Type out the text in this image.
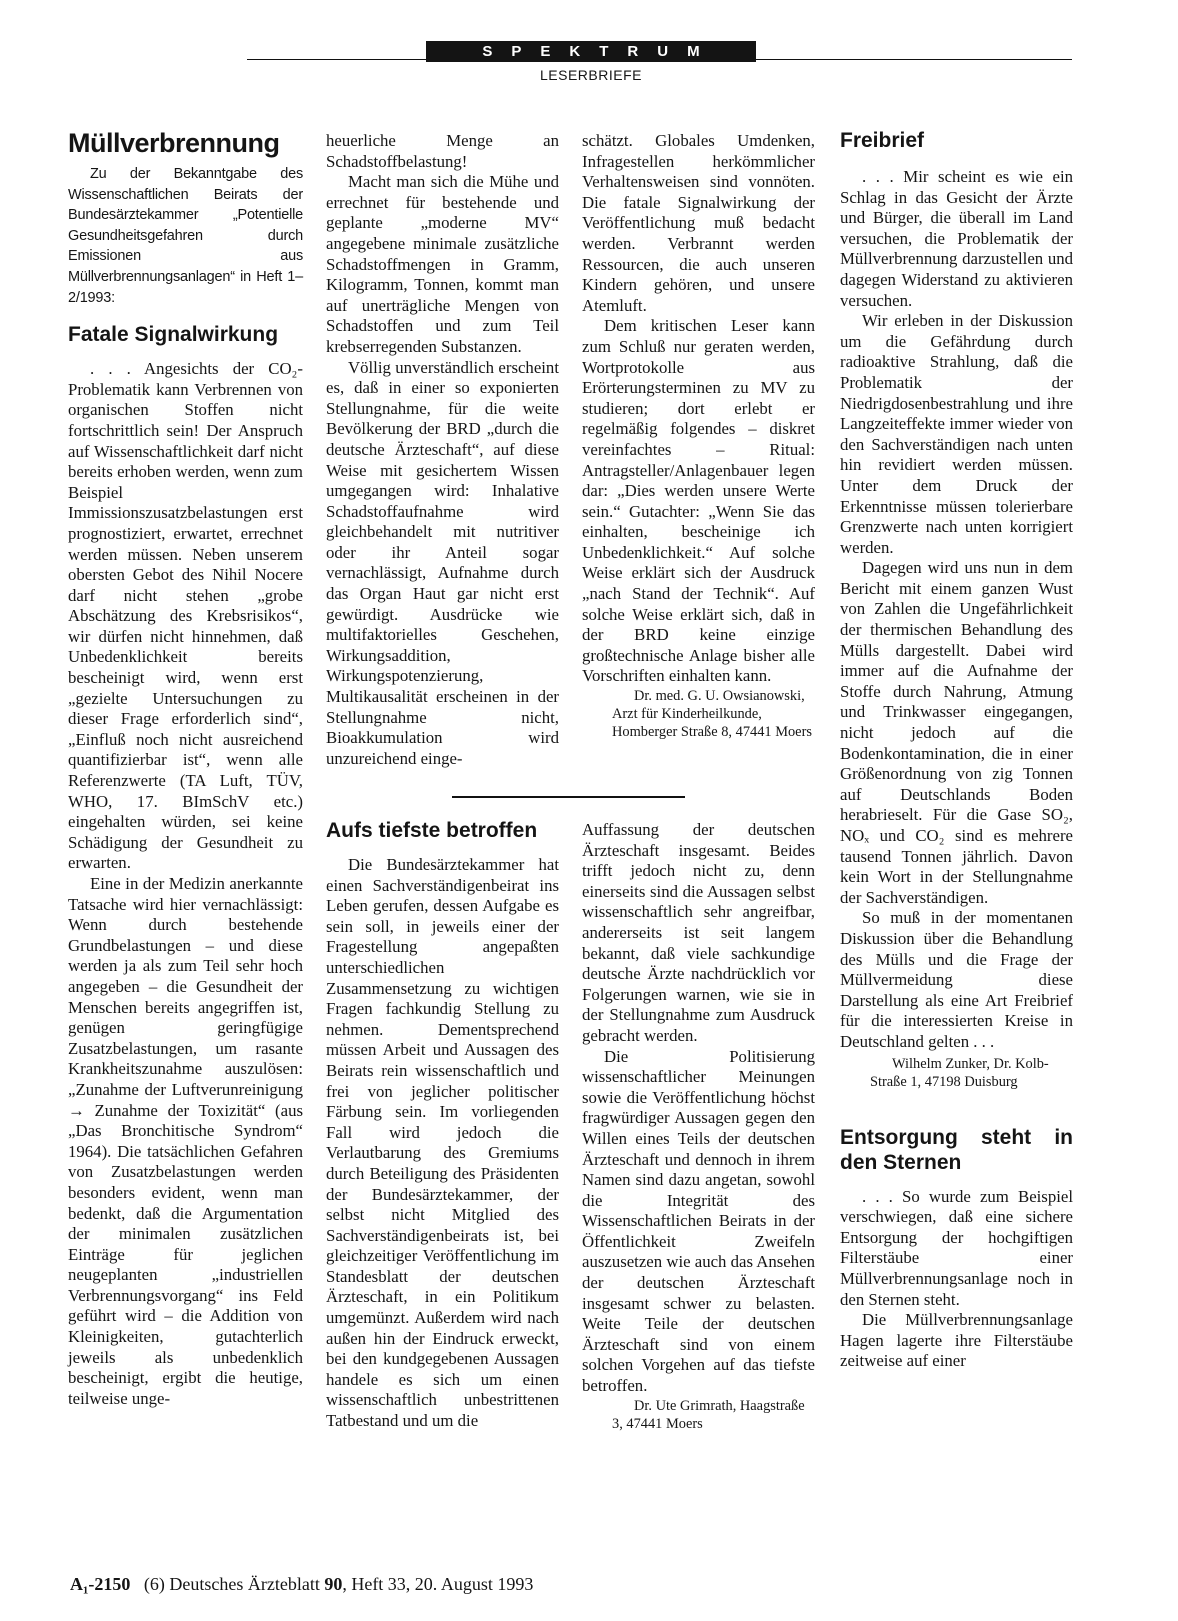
SPEKTRUM
LESERBRIEFE
Müllverbrennung

Zu der Bekanntgabe des Wissenschaftlichen Beirats der Bundesärztekammer „Potentielle Gesundheitsgefahren durch Emissionen aus Müllverbrennungsanlagen“ in Heft 1–2/1993:

Fatale Signalwirkung

. . . Angesichts der CO₂-Problematik kann Verbrennen von organischen Stoffen nicht fortschrittlich sein! Der Anspruch auf Wissenschaftlichkeit darf nicht bereits erhoben werden, wenn zum Beispiel Immissionszusatzbelastungen erst prognostiziert, erwartet, errechnet werden müssen. Neben unserem obersten Gebot des Nihil Nocere darf nicht stehen „grobe Abschätzung des Krebsrisikos“, wir dürfen nicht hinnehmen, daß Unbedenklichkeit bereits bescheinigt wird, wenn erst „gezielte Untersuchungen zu dieser Frage erforderlich sind“, „Einfluß noch nicht ausreichend quantifizierbar ist“, wenn alle Referenzwerte (TA Luft, TÜV, WHO, 17. BImSchV etc.) eingehalten würden, sei keine Schädigung der Gesundheit zu erwarten.

Eine in der Medizin anerkannte Tatsache wird hier vernachlässigt: Wenn durch bestehende Grundbelastungen – und diese werden ja als zum Teil sehr hoch angegeben – die Gesundheit der Menschen bereits angegriffen ist, genügen geringfügige Zusatzbelastungen, um rasante Krankheitszunahme auszulösen: „Zunahme der Luftverunreinigung → Zunahme der Toxizität“ (aus „Das Bronchitische Syndrom“ 1964). Die tatsächlichen Gefahren von Zusatzbelastungen werden besonders evident, wenn man bedenkt, daß die Argumentation der minimalen zusätzlichen Einträge für jeglichen neugeplanten „industriellen Verbrennungsvorgang“ ins Feld geführt wird – die Addition von Kleinigkeiten, gutachterlich jeweils als unbedenklich bescheinigt, ergibt die heutige, teilweise unge-

heuerliche Menge an Schadstoffbelastung!

Macht man sich die Mühe und errechnet für bestehende und geplante „moderne MV“ angegebene minimale zusätzliche Schadstoffmengen in Gramm, Kilogramm, Tonnen, kommt man auf unerträgliche Mengen von Schadstoffen und zum Teil krebserregenden Substanzen.

Völlig unverständlich erscheint es, daß in einer so exponierten Stellungnahme, für die weite Bevölkerung der BRD „durch die deutsche Ärzteschaft“, auf diese Weise mit gesichertem Wissen umgegangen wird: Inhalative Schadstoffaufnahme wird gleichbehandelt mit nutritiver oder ihr Anteil sogar vernachlässigt, Aufnahme durch das Organ Haut gar nicht erst gewürdigt. Ausdrücke wie multifaktorielles Geschehen, Wirkungsaddition, Wirkungspotenzierung, Multikausalität erscheinen in der Stellungnahme nicht, Bioakkumulation wird unzureichend einge-

schätzt. Globales Umdenken, Infragestellen herkömmlicher Verhaltensweisen sind vonnöten. Die fatale Signalwirkung der Veröffentlichung muß bedacht werden. Verbrannt werden Ressourcen, die auch unseren Kindern gehören, und unsere Atemluft.

Dem kritischen Leser kann zum Schluß nur geraten werden, Wortprotokolle aus Erörterungsterminen zu MV zu studieren; dort erlebt er regelmäßig folgendes – diskret vereinfachtes – Ritual: Antragsteller/Anlagenbauer legen dar: „Dies werden unsere Werte sein.“ Gutachter: „Wenn Sie das einhalten, bescheinige ich Unbedenklichkeit.“ Auf solche Weise erklärt sich der Ausdruck „nach Stand der Technik“. Auf solche Weise erklärt sich, daß in der BRD keine einzige großtechnische Anlage bisher alle Vorschriften einhalten kann.

Dr. med. G. U. Owsianowski, Arzt für Kinderheilkunde, Homberger Straße 8, 47441 Moers

Aufs tiefste betroffen

Die Bundesärztekammer hat einen Sachverständigenbeirat ins Leben gerufen, dessen Aufgabe es sein soll, in jeweils einer der Fragestellung angepaßten unterschiedlichen Zusammensetzung zu wichtigen Fragen fachkundig Stellung zu nehmen. Dementsprechend müssen Arbeit und Aussagen des Beirats rein wissenschaftlich und frei von jeglicher politischer Färbung sein. Im vorliegenden Fall wird jedoch die Verlautbarung des Gremiums durch Beteiligung des Präsidenten der Bundesärztekammer, der selbst nicht Mitglied des Sachverständigenbeirats ist, bei gleichzeitiger Veröffentlichung im Standesblatt der deutschen Ärzteschaft, in ein Politikum umgemünzt. Außerdem wird nach außen hin der Eindruck erweckt, bei den kundgegebenen Aussagen handele es sich um einen wissenschaftlich unbestrittenen Tatbestand und um die

Auffassung der deutschen Ärzteschaft insgesamt. Beides trifft jedoch nicht zu, denn einerseits sind die Aussagen selbst wissenschaftlich sehr angreifbar, andererseits ist seit langem bekannt, daß viele sachkundige deutsche Ärzte nachdrücklich vor Folgerungen warnen, wie sie in der Stellungnahme zum Ausdruck gebracht werden.

Die Politisierung wissenschaftlicher Meinungen sowie die Veröffentlichung höchst fragwürdiger Aussagen gegen den Willen eines Teils der deutschen Ärzteschaft und dennoch in ihrem Namen sind dazu angetan, sowohl die Integrität des Wissenschaftlichen Beirats in der Öffentlichkeit Zweifeln auszusetzen wie auch das Ansehen der deutschen Ärzteschaft insgesamt schwer zu belasten. Weite Teile der deutschen Ärzteschaft sind von einem solchen Vorgehen auf das tiefste betroffen.

Dr. Ute Grimrath, Haagstraße 3, 47441 Moers

Freibrief

. . . Mir scheint es wie ein Schlag in das Gesicht der Ärzte und Bürger, die überall im Land versuchen, die Problematik der Müllverbrennung darzustellen und dagegen Widerstand zu aktivieren versuchen.

Wir erleben in der Diskussion um die Gefährdung durch radioaktive Strahlung, daß die Problematik der Niedrigdosenbestrahlung und ihre Langzeiteffekte immer wieder von den Sachverständigen nach unten hin revidiert werden müssen. Unter dem Druck der Erkenntnisse müssen tolerierbare Grenzwerte nach unten korrigiert werden.

Dagegen wird uns nun in dem Bericht mit einem ganzen Wust von Zahlen die Ungefährlichkeit der thermischen Behandlung des Mülls dargestellt. Dabei wird immer auf die Aufnahme der Stoffe durch Nahrung, Atmung und Trinkwasser eingegangen, nicht jedoch auf die Bodenkontamination, die in einer Größenordnung von zig Tonnen auf Deutschlands Boden herabrieselt. Für die Gase SO₂, NOₓ und CO₂ sind es mehrere tausend Tonnen jährlich. Davon kein Wort in der Stellungnahme der Sachverständigen.

So muß in der momentanen Diskussion über die Behandlung des Mülls und die Frage der Müllvermeidung diese Darstellung als eine Art Freibrief für die interessierten Kreise in Deutschland gelten . . .

Wilhelm Zunker, Dr. Kolb-Straße 1, 47198 Duisburg

Entsorgung steht in den Sternen

. . . So wurde zum Beispiel verschwiegen, daß eine sichere Entsorgung der hochgiftigen Filterstäube einer Müllverbrennungsanlage noch in den Sternen steht.

Die Müllverbrennungsanlage Hagen lagerte ihre Filterstäube zeitweise auf einer

A₁-2150 (6) Deutsches Ärzteblatt 90, Heft 33, 20. August 1993
